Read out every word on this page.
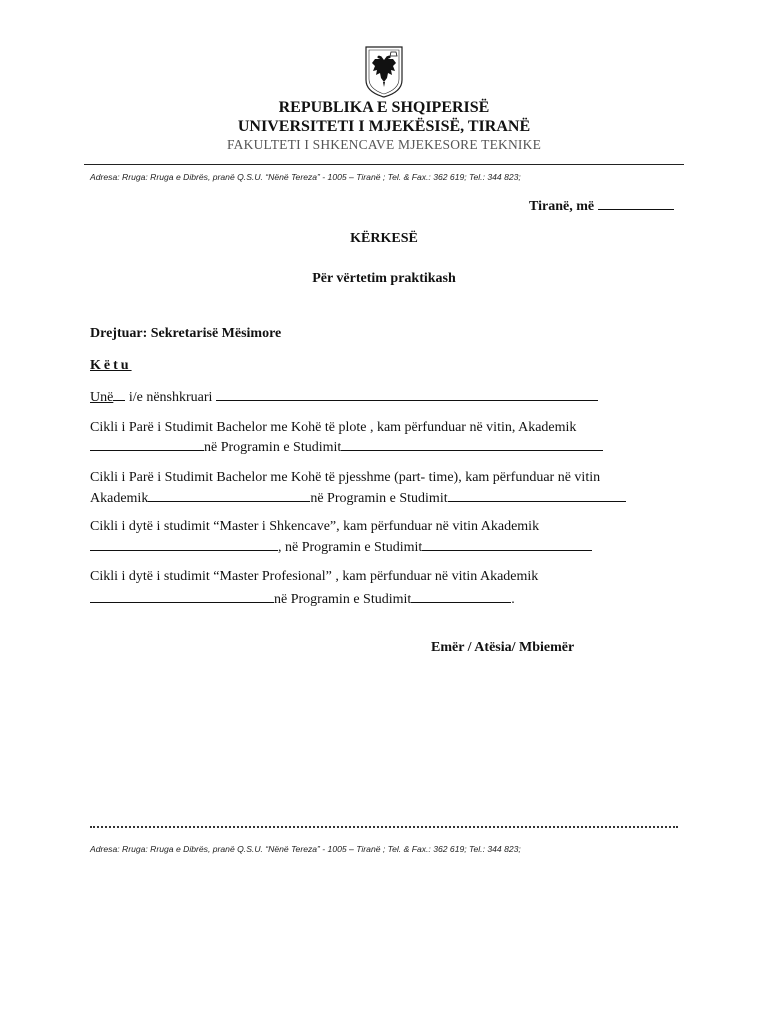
REPUBLIKA E SHQIPERISË
UNIVERSITETI I MJEKËSISË, TIRANË
FAKULTETI I SHKENCAVE MJEKESORE TEKNIKE
Adresa: Rruga: Rruga e Dibrës, pranë Q.S.U. “Nënë Tereza” - 1005 – Tiranë ; Tel. & Fax.: 362 619; Tel.: 344 823;
Tiranë, më
KËRKESË
Për vërtetim praktikash
Drejtuar: Sekretarisë Mësimore
Këtu
Unë i/e nënshkruari
Cikli i Parë i Studimit Bachelor me Kohë të plote , kam përfunduar në vitin, Akademik
në Programin e Studimit
Cikli i Parë i Studimit Bachelor me Kohë të pjesshme (part- time), kam përfunduar në vitin
Akademik	në Programin e Studimit
Cikli i dytë i studimit “Master i Shkencave”, kam përfunduar në vitin Akademik
, në Programin e Studimit
Cikli i dytë i studimit “Master Profesional” , kam përfunduar në vitin Akademik
në Programin e Studimit	.
Emër / Atësia/ Mbiemër
Adresa: Rruga: Rruga e Dibrës, pranë Q.S.U. “Nënë Tereza” - 1005 – Tiranë ; Tel. & Fax.: 362 619; Tel.: 344 823;
